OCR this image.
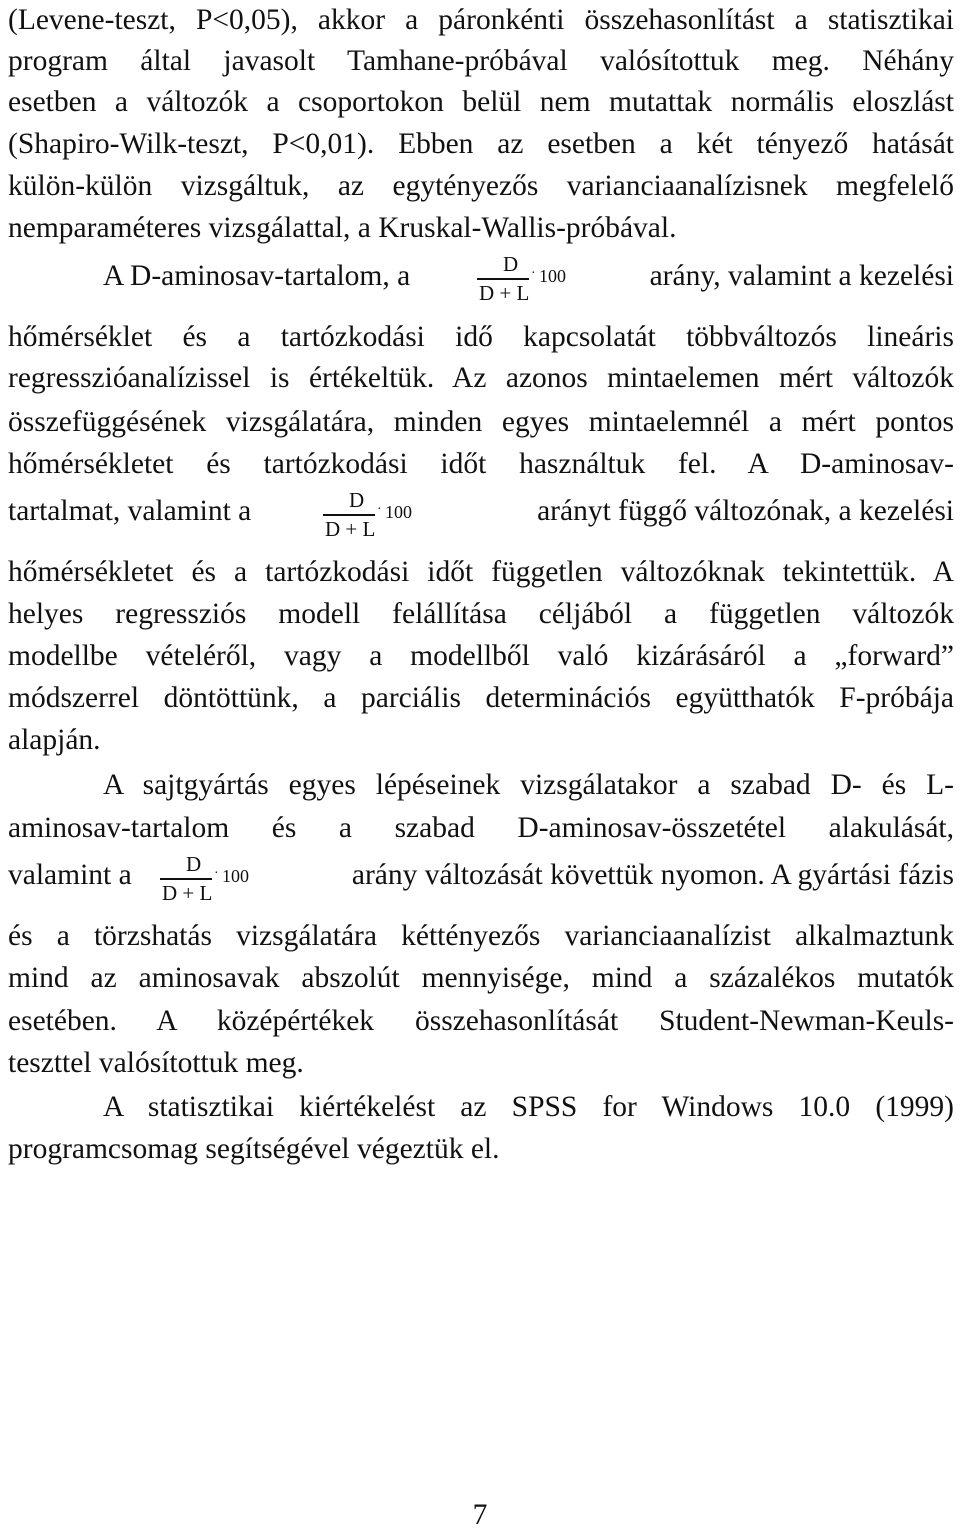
(Levene-teszt, P<0,05), akkor a páronkénti összehasonlítást a statisztikai
program által javasolt Tamhane-próbával valósítottuk meg. Néhány
esetben a változók a csoportokon belül nem mutattak normális eloszlást
(Shapiro-Wilk-teszt, P<0,01). Ebben az esetben a két tényező hatását
külön-külön vizsgáltuk, az egytényezős varianciaanalízisnek megfelelő
nemparaméteres vizsgálattal, a Kruskal-Wallis-próbával.
A D-aminosav-tartalom, a	arány, valamint a kezelési
D
D + L
· 100
hőmérséklet és a tartózkodási idő kapcsolatát többváltozós lineáris
regresszióanalízissel is értékeltük. Az azonos mintaelemen mért változók
összefüggésének vizsgálatára, minden egyes mintaelemnél a mért pontos
hőmérsékletet és tartózkodási időt használtuk fel. A D-aminosav-
tartalmat, valamint a	arányt függő változónak, a kezelési
D
D + L
· 100
hőmérsékletet és a tartózkodási időt független változóknak tekintettük. A
helyes regressziós modell felállítása céljából a független változók
modellbe vételéről, vagy a modellből való kizárásáról a „forward”
módszerrel döntöttünk, a parciális determinációs együtthatók F-próbája
alapján.
A sajtgyártás egyes lépéseinek vizsgálatakor a szabad D- és L-
aminosav-tartalom és a szabad D-aminosav-összetétel alakulását,
valamint a	arány változását követtük nyomon. A gyártási fázis
D
D + L
· 100
és a törzshatás vizsgálatára kéttényezős varianciaanalízist alkalmaztunk
mind az aminosavak abszolút mennyisége, mind a százalékos mutatók
esetében. A középértékek összehasonlítását Student-Newman-Keuls-
teszttel valósítottuk meg.
A statisztikai kiértékelést az SPSS for Windows 10.0 (1999)
programcsomag segítségével végeztük el.
7
